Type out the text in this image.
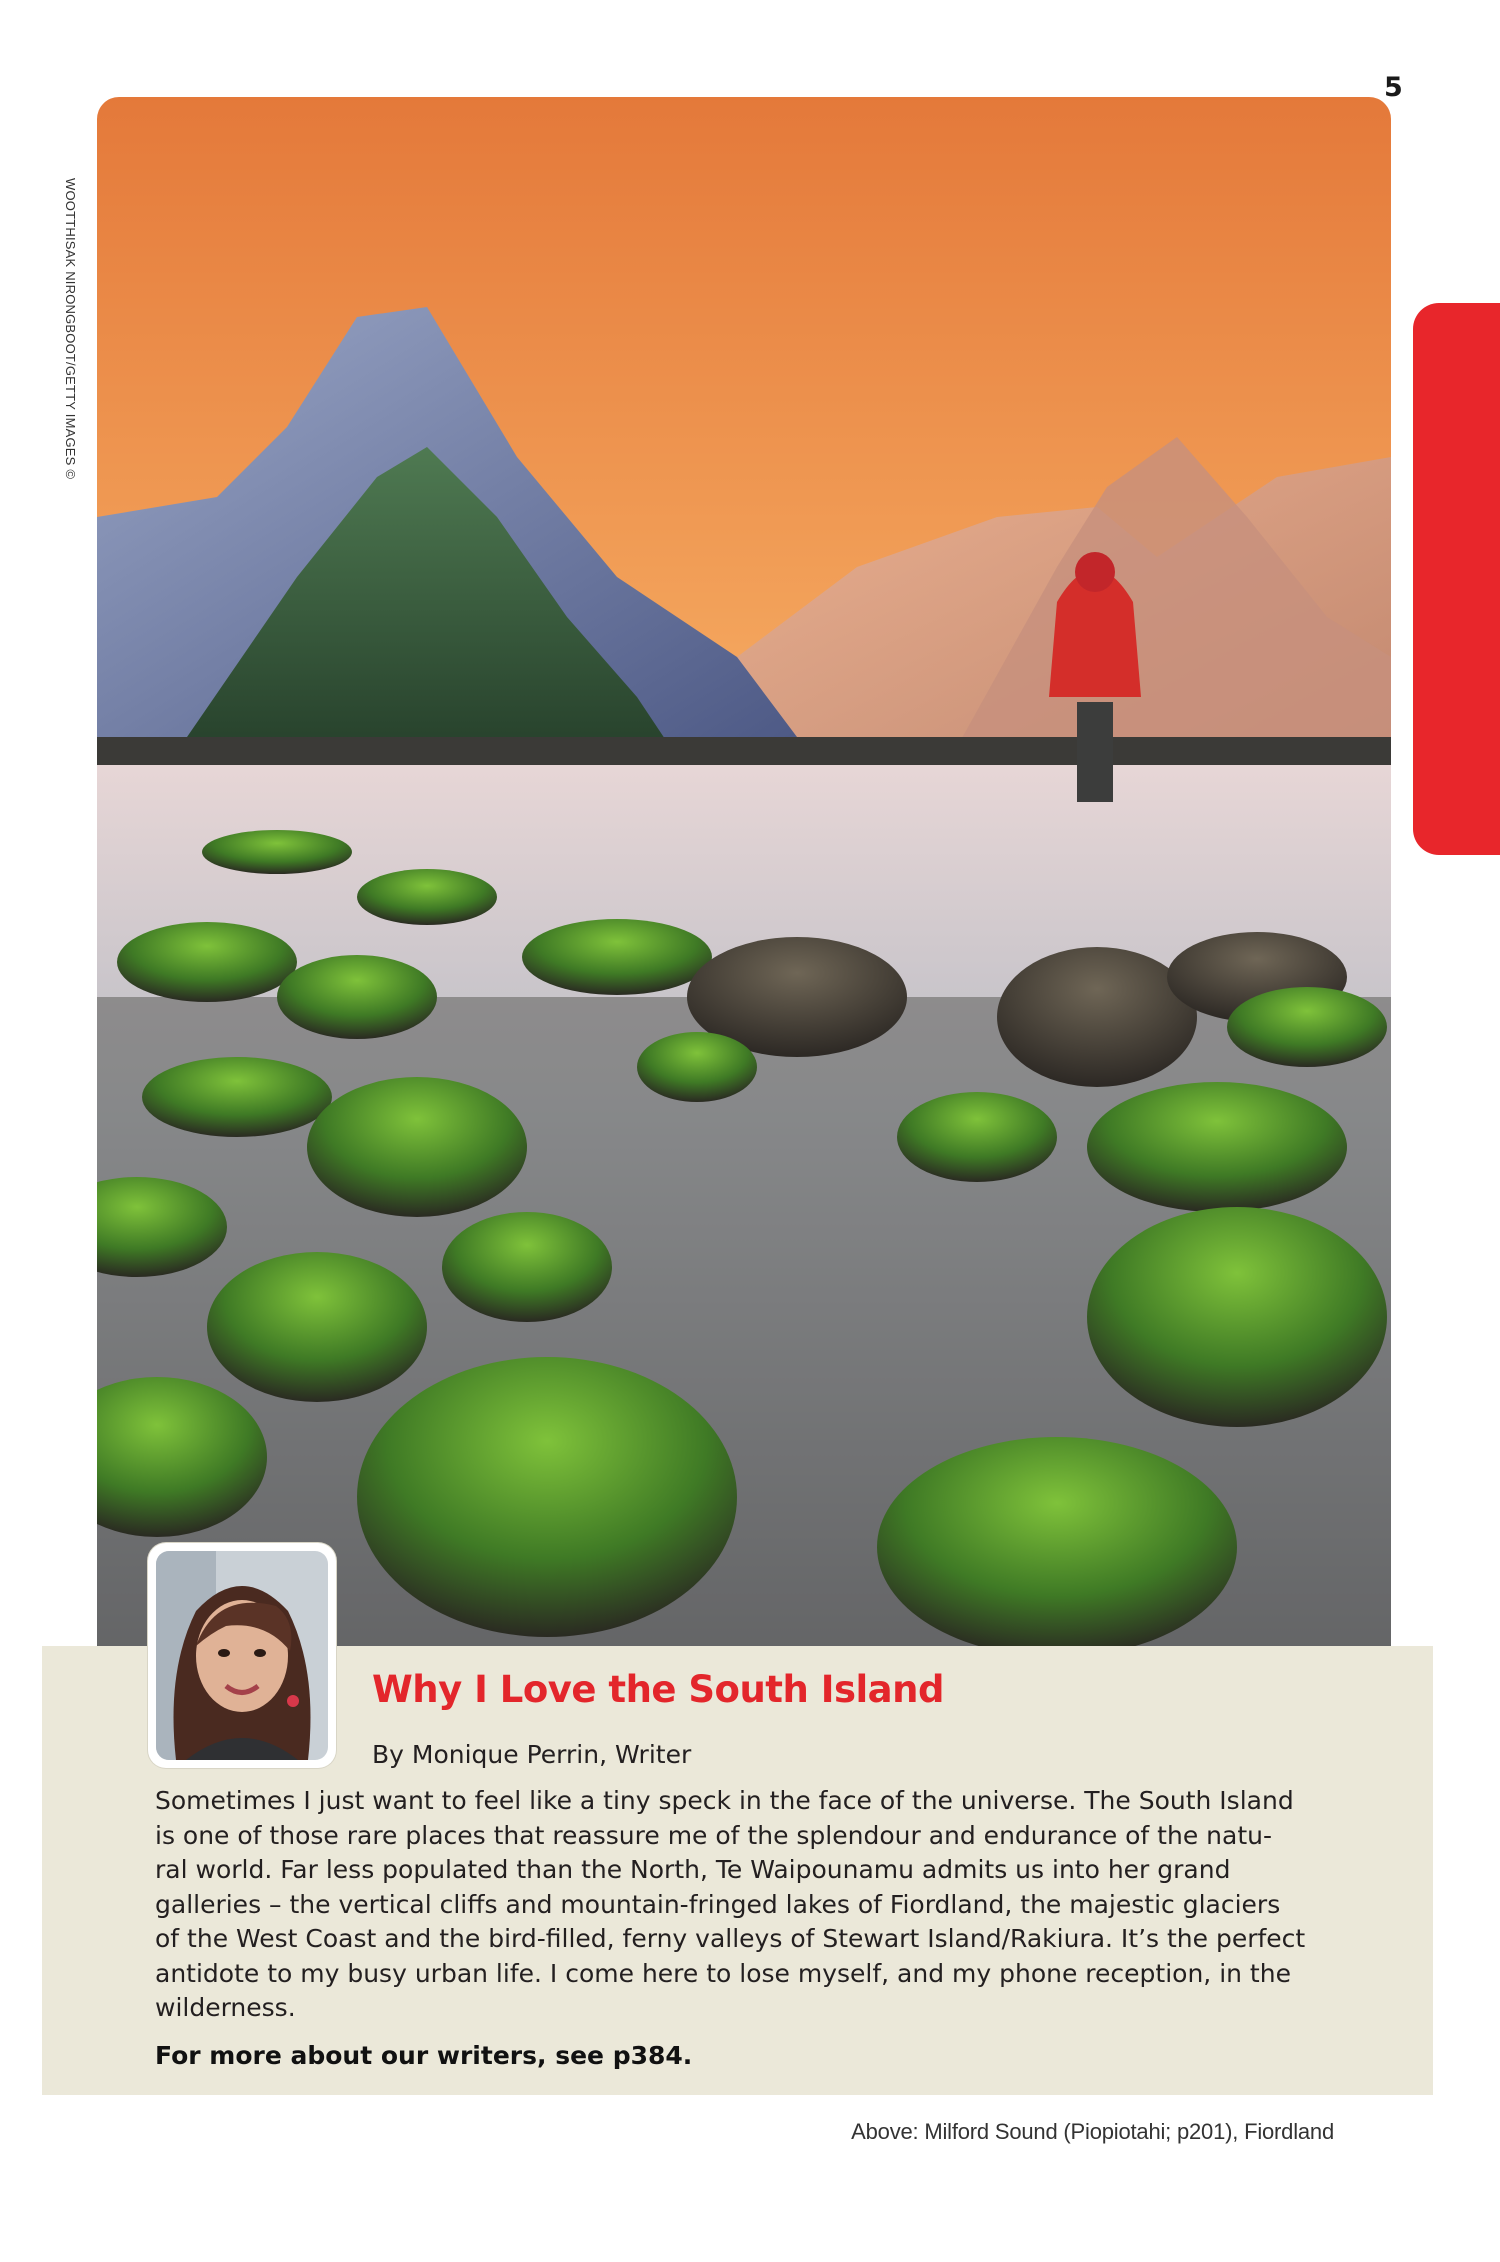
5
WOOTTHISAK NIRONGBOOT/GETTY IMAGES ©
Why I Love the South Island
By Monique Perrin, Writer

Sometimes I just want to feel like a tiny speck in the face of the universe. The South Island
is one of those rare places that reassure me of the splendour and endurance of the natu-
ral world. Far less populated than the North, Te Waipounamu admits us into her grand
galleries – the vertical cliffs and mountain-fringed lakes of Fiordland, the majestic glaciers
of the West Coast and the bird-filled, ferny valleys of Stewart Island/Rakiura. It’s the perfect
antidote to my busy urban life. I come here to lose myself, and my phone reception, in the
wilderness.

For more about our writers, see p384.
Above: Milford Sound (Piopiotahi; p201), Fiordland
